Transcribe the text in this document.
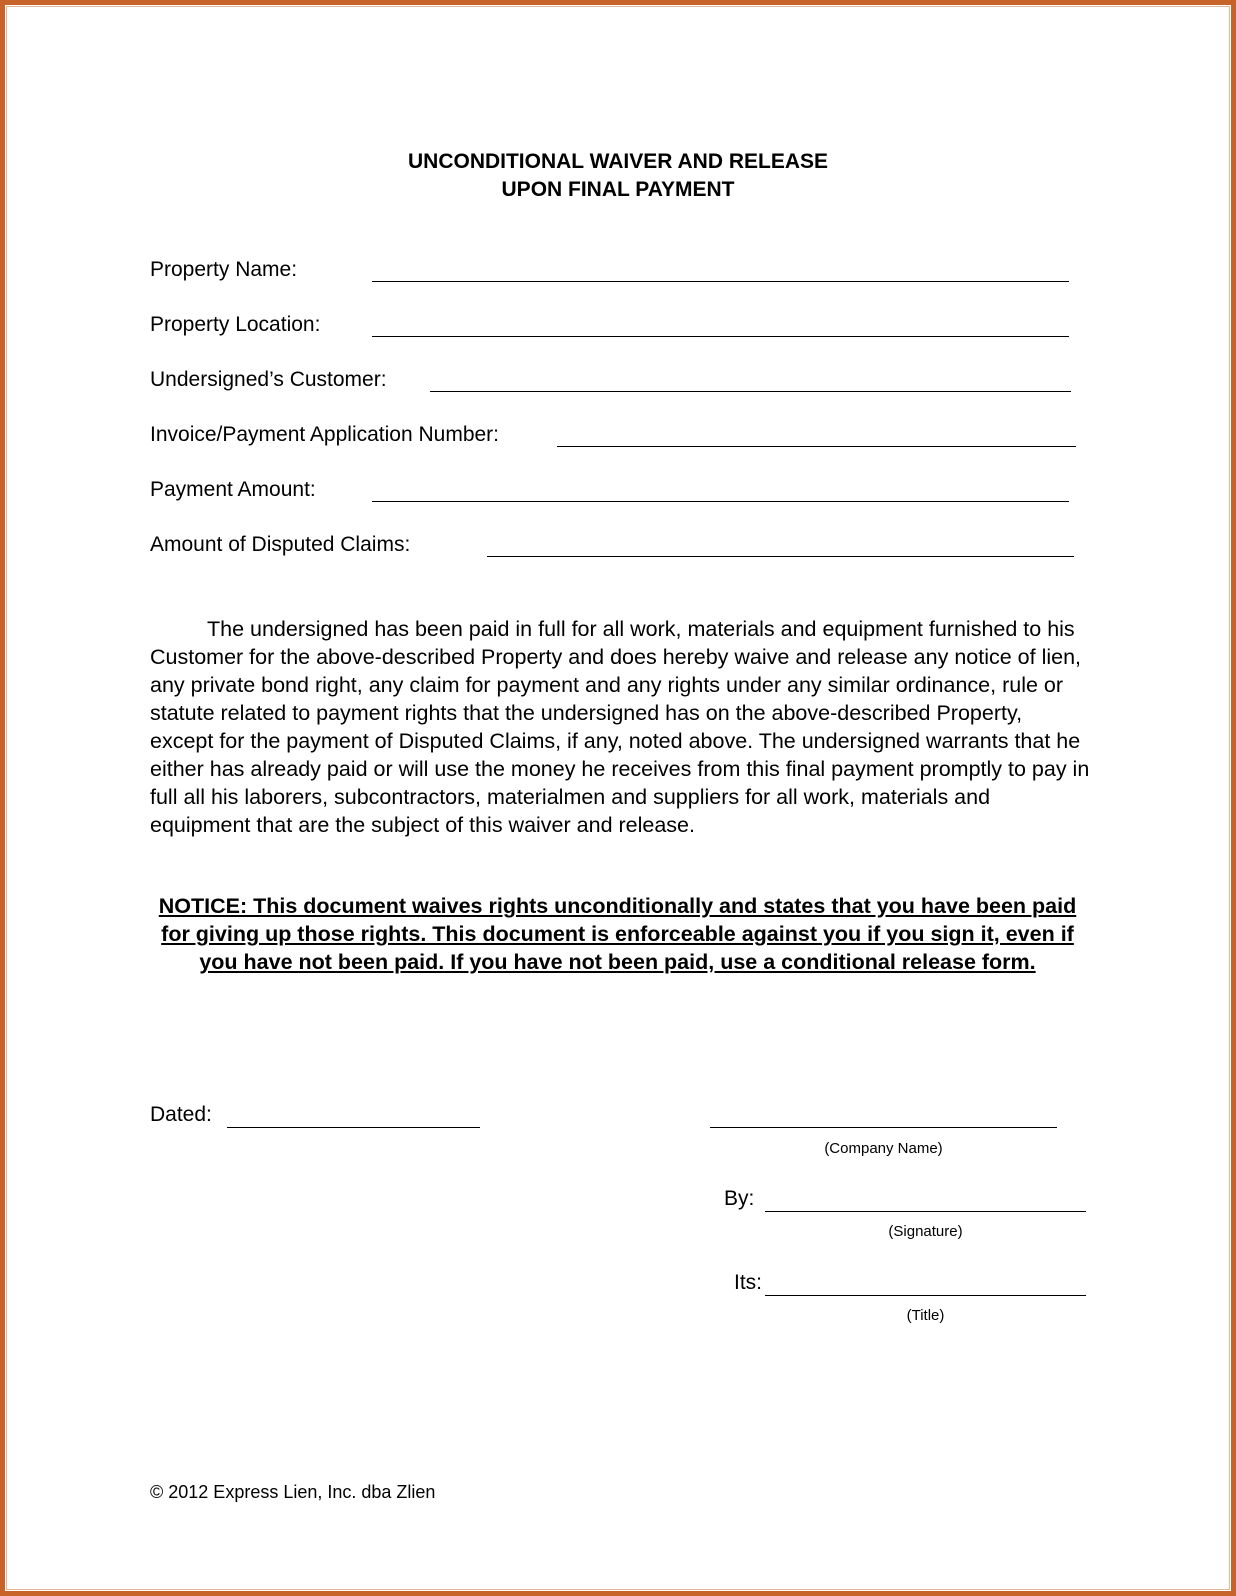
UNCONDITIONAL WAIVER AND RELEASE
UPON FINAL PAYMENT
Property Name:
Property Location:
Undersigned’s Customer:
Invoice/Payment Application Number:
Payment Amount:
Amount of Disputed Claims:
The undersigned has been paid in full for all work, materials and equipment furnished to his Customer for the above-described Property and does hereby waive and release any notice of lien, any private bond right, any claim for payment and any rights under any similar ordinance, rule or statute related to payment rights that the undersigned has on the above-described Property, except for the payment of Disputed Claims, if any, noted above. The undersigned warrants that he either has already paid or will use the money he receives from this final payment promptly to pay in full all his laborers, subcontractors, materialmen and suppliers for all work, materials and equipment that are the subject of this waiver and release.
NOTICE: This document waives rights unconditionally and states that you have been paid for giving up those rights. This document is enforceable against you if you sign it, even if you have not been paid. If you have not been paid, use a conditional release form.
Dated:
(Company Name)
By:
(Signature)
Its:
(Title)
© 2012 Express Lien, Inc. dba Zlien
